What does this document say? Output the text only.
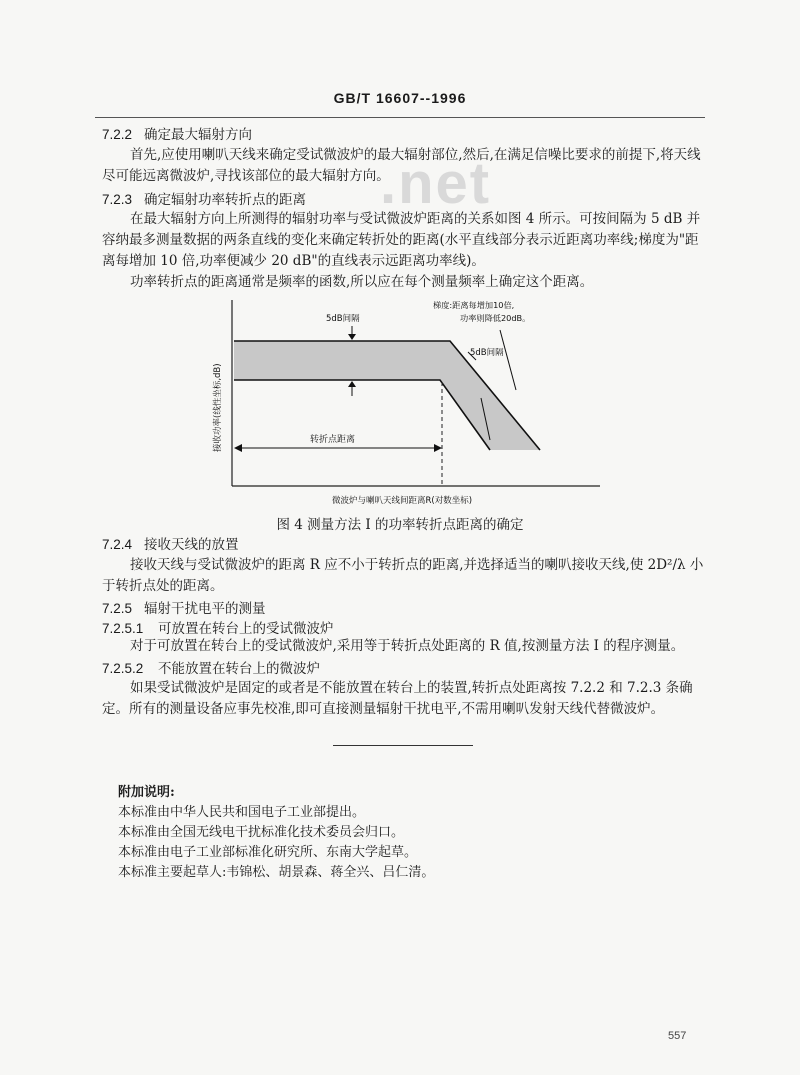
GB/T 16607--1996
.net
7.2.2 确定最大辐射方向
首先,应使用喇叭天线来确定受试微波炉的最大辐射部位,然后,在满足信噪比要求的前提下,将天线尽可能远离微波炉,寻找该部位的最大辐射方向。
7.2.3 确定辐射功率转折点的距离
在最大辐射方向上所测得的辐射功率与受试微波炉距离的关系如图 4 所示。可按间隔为 5 dB 并容纳最多测量数据的两条直线的变化来确定转折处的距离(水平直线部分表示近距离功率线;梯度为"距离每增加 10 倍,功率便减少 20 dB"的直线表示远距离功率线)。
功率转折点的距离通常是频率的函数,所以应在每个测量频率上确定这个距离。
5dB间隔
5dB间隔
梯度:距离每增加10倍,
功率则降低20dB。
转折点距离
微波炉与喇叭天线间距离R(对数坐标)
接收功率(线性坐标,dB)
图 4 测量方法 I 的功率转折点距离的确定
7.2.4 接收天线的放置
接收天线与受试微波炉的距离 R 应不小于转折点的距离,并选择适当的喇叭接收天线,使 2D²/λ 小于转折点处的距离。
7.2.5 辐射干扰电平的测量
7.2.5.1 可放置在转台上的受试微波炉
对于可放置在转台上的受试微波炉,采用等于转折点处距离的 R 值,按测量方法 I 的程序测量。
7.2.5.2 不能放置在转台上的微波炉
如果受试微波炉是固定的或者是不能放置在转台上的装置,转折点处距离按 7.2.2 和 7.2.3 条确定。所有的测量设备应事先校准,即可直接测量辐射干扰电平,不需用喇叭发射天线代替微波炉。
附加说明:
本标准由中华人民共和国电子工业部提出。
本标准由全国无线电干扰标准化技术委员会归口。
本标准由电子工业部标准化研究所、东南大学起草。
本标准主要起草人:韦锦松、胡景森、蒋全兴、吕仁清。
557
